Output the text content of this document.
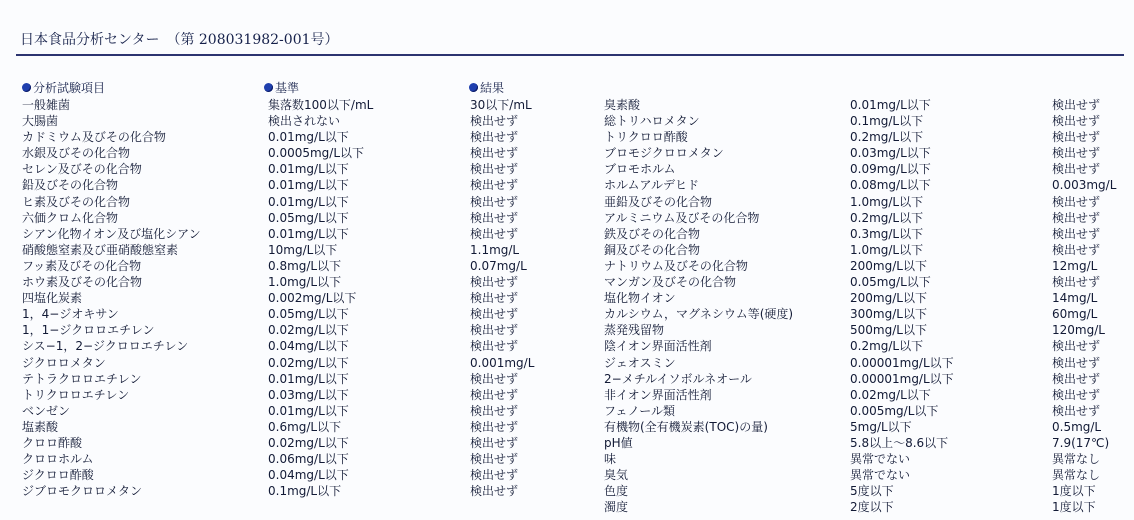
日本食品分析センター　（第 208031982-001号）
分析試験項目	基準	結果
一般雑菌	集落数100以下/mL	30以下/mL	臭素酸	0.01mg/L以下	検出せず
大腸菌	検出されない	検出せず	総トリハロメタン	0.1mg/L以下	検出せず
カドミウム及びその化合物	0.01mg/L以下	検出せず	トリクロロ酢酸	0.2mg/L以下	検出せず
水銀及びその化合物	0.0005mg/L以下	検出せず	ブロモジクロロメタン	0.03mg/L以下	検出せず
セレン及びその化合物	0.01mg/L以下	検出せず	ブロモホルム	0.09mg/L以下	検出せず
鉛及びその化合物	0.01mg/L以下	検出せず	ホルムアルデヒド	0.08mg/L以下	0.003mg/L
ヒ素及びその化合物	0.01mg/L以下	検出せず	亜鉛及びその化合物	1.0mg/L以下	検出せず
六価クロム化合物	0.05mg/L以下	検出せず	アルミニウム及びその化合物	0.2mg/L以下	検出せず
シアン化物イオン及び塩化シアン	0.01mg/L以下	検出せず	鉄及びその化合物	0.3mg/L以下	検出せず
硝酸態窒素及び亜硝酸態窒素	10mg/L以下	1.1mg/L	銅及びその化合物	1.0mg/L以下	検出せず
フッ素及びその化合物	0.8mg/L以下	0.07mg/L	ナトリウム及びその化合物	200mg/L以下	12mg/L
ホウ素及びその化合物	1.0mg/L以下	検出せず	マンガン及びその化合物	0.05mg/L以下	検出せず
四塩化炭素	0.002mg/L以下	検出せず	塩化物イオン	200mg/L以下	14mg/L
1，4−ジオキサン	0.05mg/L以下	検出せず	カルシウム，マグネシウム等(硬度)	300mg/L以下	60mg/L
1，1−ジクロロエチレン	0.02mg/L以下	検出せず	蒸発残留物	500mg/L以下	120mg/L
シス−1，2−ジクロロエチレン	0.04mg/L以下	検出せず	陰イオン界面活性剤	0.2mg/L以下	検出せず
ジクロロメタン	0.02mg/L以下	0.001mg/L	ジェオスミン	0.00001mg/L以下	検出せず
テトラクロロエチレン	0.01mg/L以下	検出せず	2−メチルイソボルネオール	0.00001mg/L以下	検出せず
トリクロロエチレン	0.03mg/L以下	検出せず	非イオン界面活性剤	0.02mg/L以下	検出せず
ベンゼン	0.01mg/L以下	検出せず	フェノール類	0.005mg/L以下	検出せず
塩素酸	0.6mg/L以下	検出せず	有機物(全有機炭素(TOC)の量)	5mg/L以下	0.5mg/L
クロロ酢酸	0.02mg/L以下	検出せず	pH値	5.8以上〜8.6以下	7.9(17℃)
クロロホルム	0.06mg/L以下	検出せず	味	異常でない	異常なし
ジクロロ酢酸	0.04mg/L以下	検出せず	臭気	異常でない	異常なし
ジブロモクロロメタン	0.1mg/L以下	検出せず	色度	5度以下	1度以下
濁度	2度以下	1度以下
